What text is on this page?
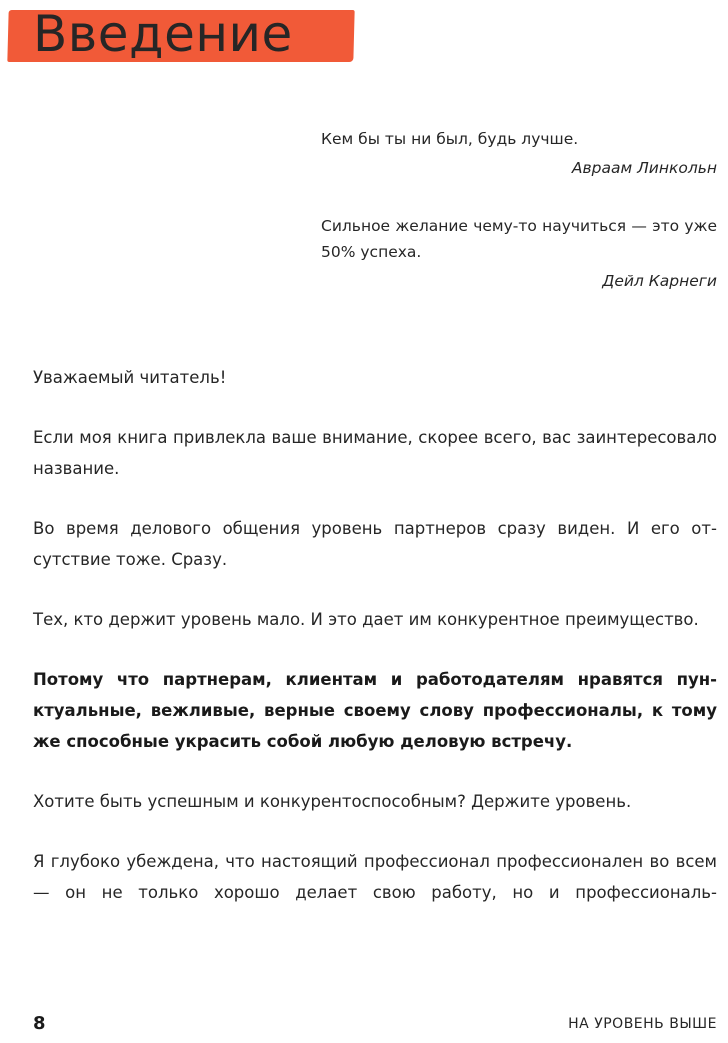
Введение

Кем бы ты ни был, будь лучше.

Авраам Линкольн

Сильное желание чему-то научиться — это уже 50% успеха.

Дейл Карнеги

Уважаемый читатель!

Если моя книга привлекла ваше внимание, скорее всего, вас заинтересовало название.

Во время делового общения уровень партнеров сразу виден. И его отсутствие тоже. Сразу.

Тех, кто держит уровень мало. И это дает им конкурентное преимущество.

Потому что партнерам, клиентам и работодателям нравятся пунктуальные, вежливые, верные своему слову профессионалы, к тому же способные украсить собой любую деловую встречу.

Хотите быть успешным и конкурентоспособным? Держите уровень.

Я глубоко убеждена, что настоящий профессионал профессионален во всем — он не только хорошо делает свою работу, но и профессиональ-

8	НА УРОВЕНЬ ВЫШЕ
